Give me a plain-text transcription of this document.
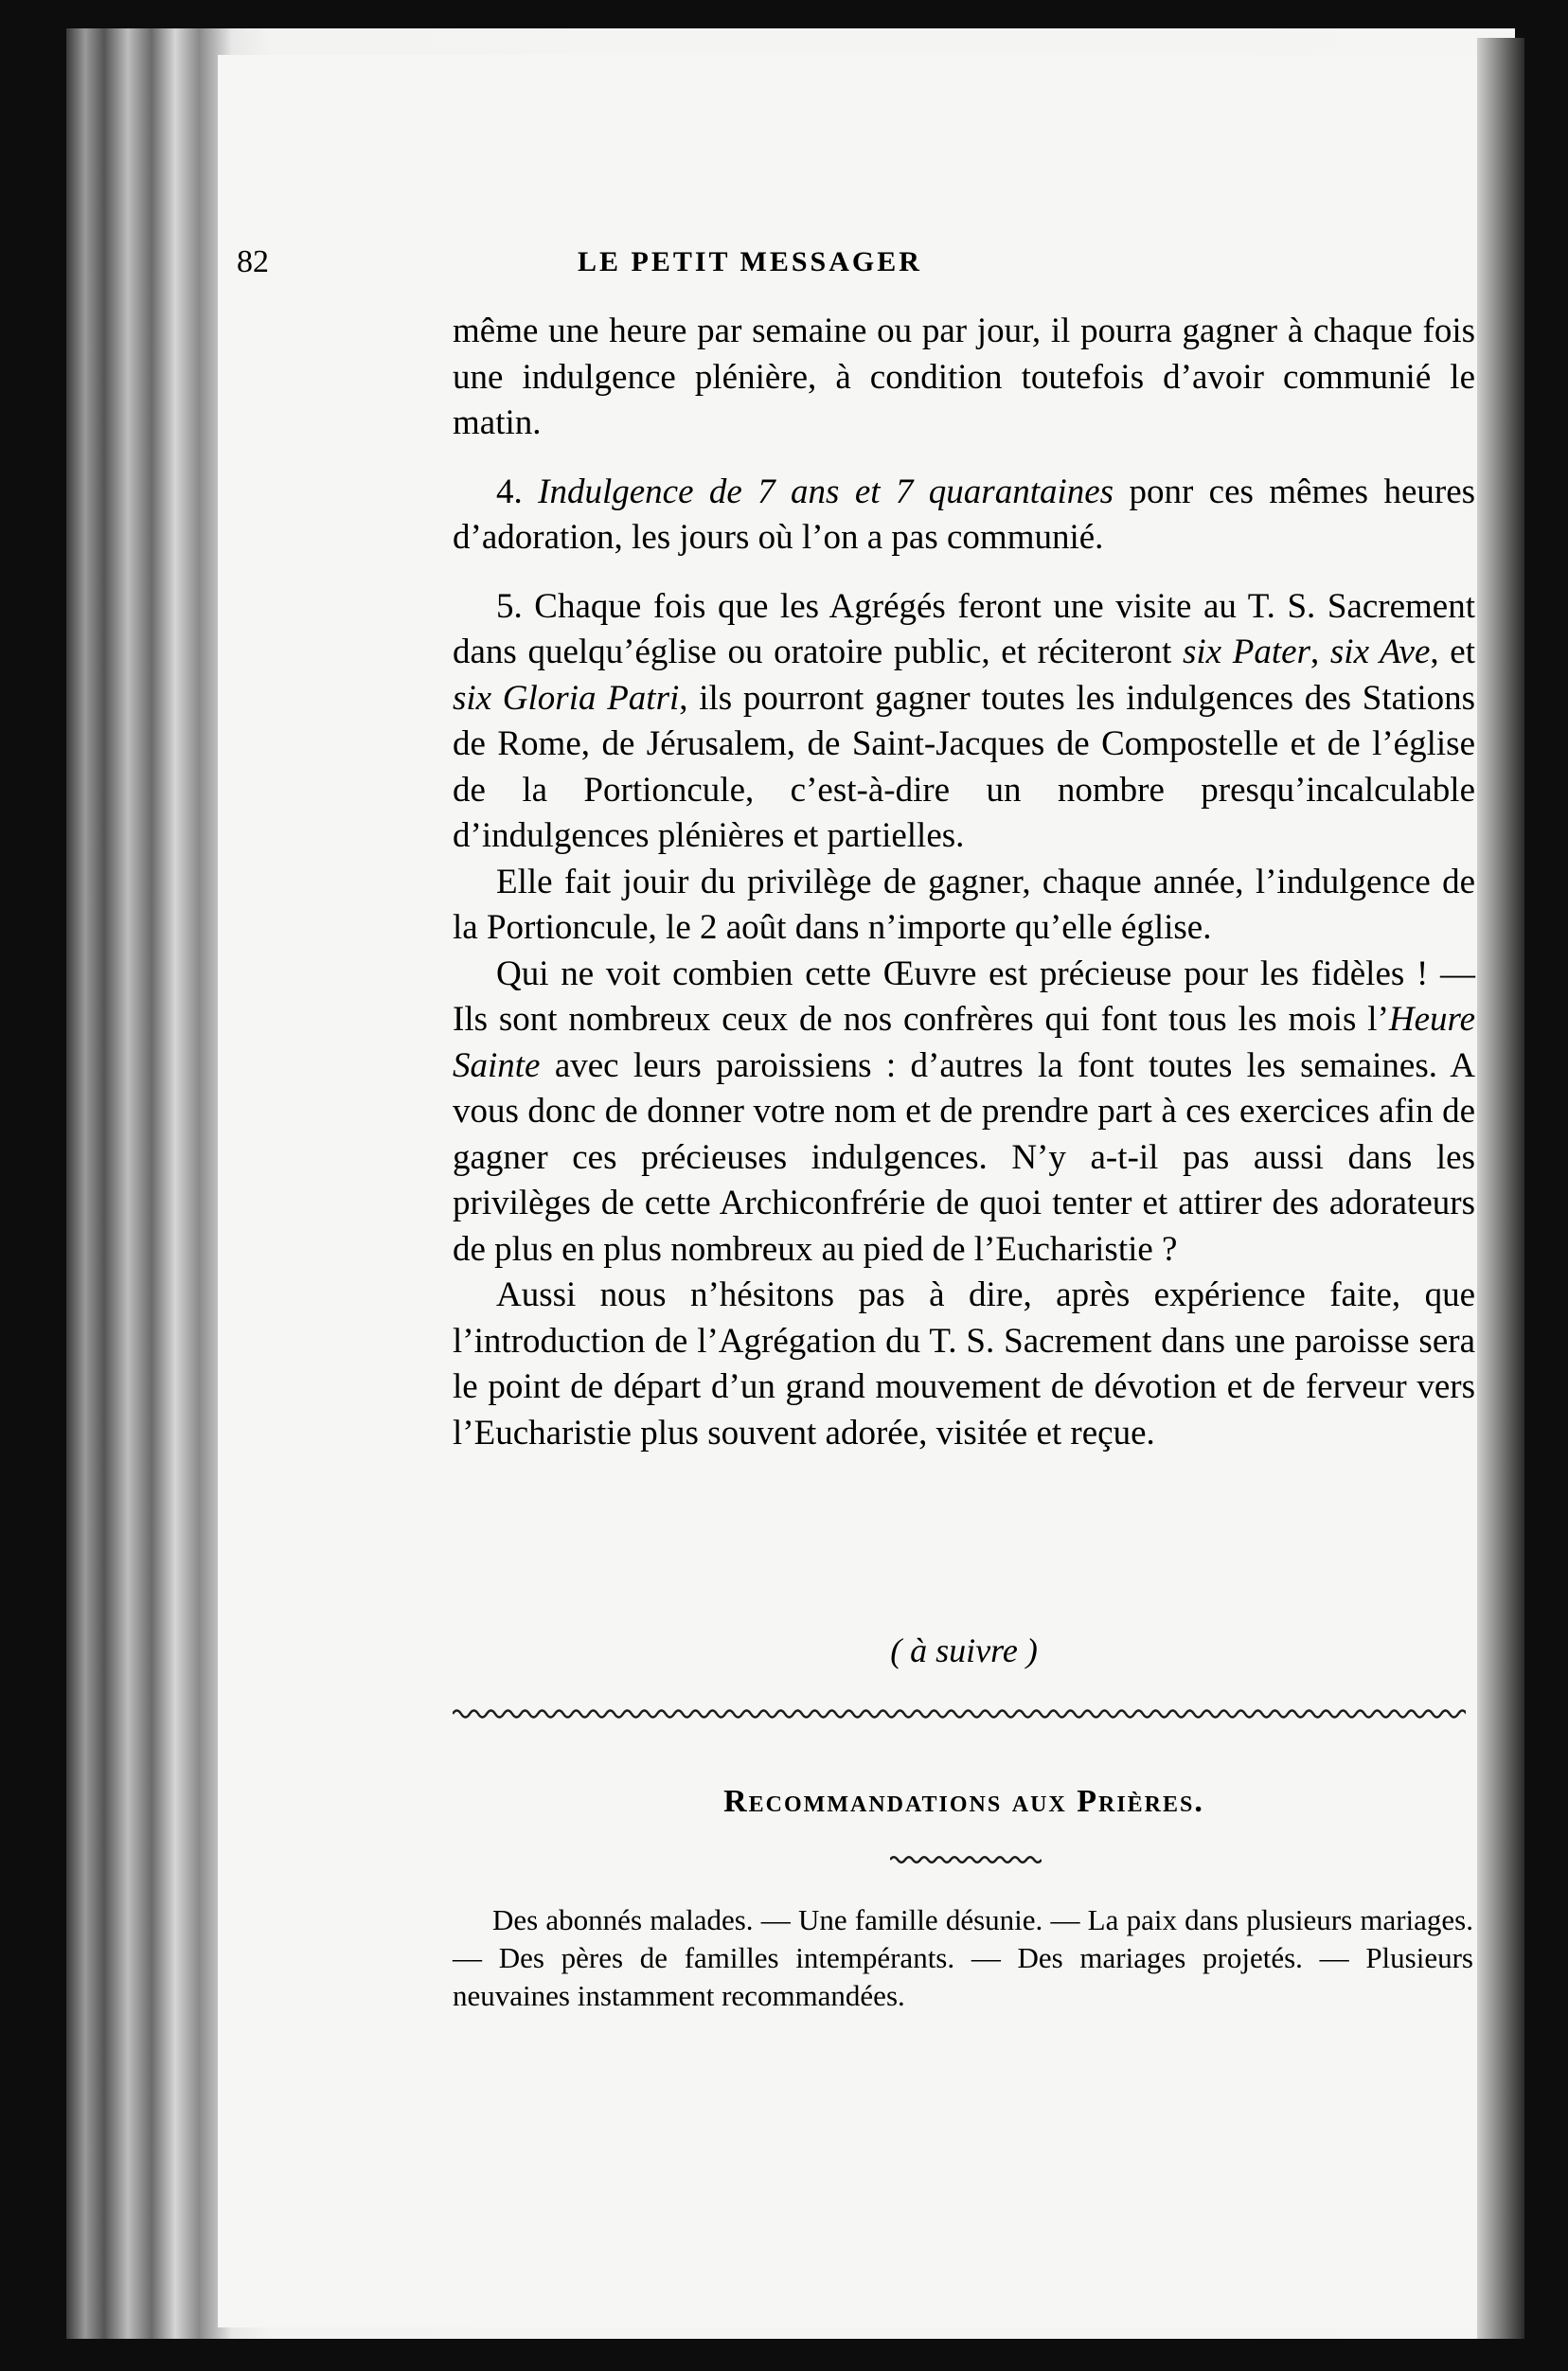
82	LE PETIT MESSAGER

même une heure par semaine ou par jour, il pourra gagner à chaque fois une indulgence plénière, à condition toutefois d’avoir communié le matin.

4. Indulgence de 7 ans et 7 quarantaines ponr ces mêmes heures d’adoration, les jours où l’on a pas communié.

5. Chaque fois que les Agrégés feront une visite au T. S. Sacrement dans quelqu’église ou oratoire public, et réciteront six Pater, six Ave, et six Gloria Patri, ils pourront gagner toutes les indulgences des Stations de Rome, de Jérusalem, de Saint-Jacques de Compostelle et de l’église de la Portioncule, c’est-à-dire un nombre presqu’incalculable d’indulgences plénières et partielles.

Elle fait jouir du privilège de gagner, chaque année, l’indulgence de la Portioncule, le 2 août dans n’importe qu’elle église.

Qui ne voit combien cette Œuvre est précieuse pour les fidèles ! — Ils sont nombreux ceux de nos confrères qui font tous les mois l’Heure Sainte avec leurs paroissiens : d’autres la font toutes les semaines. A vous donc de donner votre nom et de prendre part à ces exercices afin de gagner ces précieuses indulgences. N’y a-t-il pas aussi dans les privilèges de cette Archiconfrérie de quoi tenter et attirer des adorateurs de plus en plus nombreux au pied de l’Eucharistie ?

Aussi nous n’hésitons pas à dire, après expérience faite, que l’introduction de l’Agrégation du T. S. Sacrement dans une paroisse sera le point de départ d’un grand mouvement de dévotion et de ferveur vers l’Eucharistie plus souvent adorée, visitée et reçue.

( à suivre )
Recommandations aux Prières.
Des abonnés malades. — Une famille désunie. — La paix dans plusieurs mariages. — Des pères de familles intempérants. — Des mariages projetés. — Plusieurs neuvaines instamment recommandées.
